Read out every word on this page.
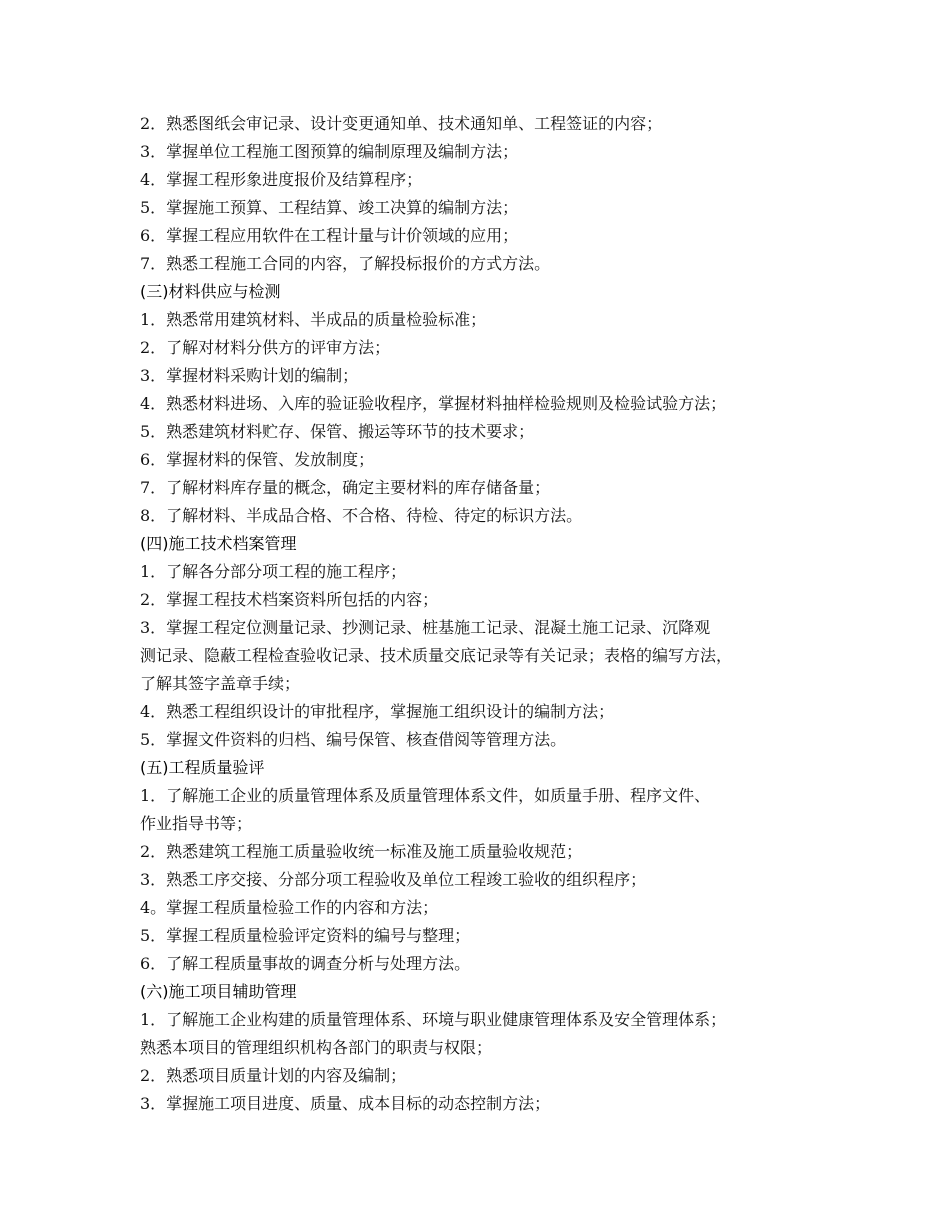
2．熟悉图纸会审记录、设计变更通知单、技术通知单、工程签证的内容；
3．掌握单位工程施工图预算的编制原理及编制方法；
4．掌握工程形象进度报价及结算程序；
5．掌握施工预算、工程结算、竣工决算的编制方法；
6．掌握工程应用软件在工程计量与计价领域的应用；
7．熟悉工程施工合同的内容，了解投标报价的方式方法。
(三)材料供应与检测
1．熟悉常用建筑材料、半成品的质量检验标准；
2．了解对材料分供方的评审方法；
3．掌握材料采购计划的编制；
4．熟悉材料进场、入库的验证验收程序，掌握材料抽样检验规则及检验试验方法；
5．熟悉建筑材料贮存、保管、搬运等环节的技术要求；
6．掌握材料的保管、发放制度；
7．了解材料库存量的概念，确定主要材料的库存储备量；
8．了解材料、半成品合格、不合格、待检、待定的标识方法。
(四)施工技术档案管理
1．了解各分部分项工程的施工程序；
2．掌握工程技术档案资料所包括的内容；
3．掌握工程定位测量记录、抄测记录、桩基施工记录、混凝土施工记录、沉降观
测记录、隐蔽工程检查验收记录、技术质量交底记录等有关记录；表格的编写方法，
了解其签字盖章手续；
4．熟悉工程组织设计的审批程序，掌握施工组织设计的编制方法；
5．掌握文件资料的归档、编号保管、核查借阅等管理方法。
(五)工程质量验评
1．了解施工企业的质量管理体系及质量管理体系文件，如质量手册、程序文件、
作业指导书等；
2．熟悉建筑工程施工质量验收统一标准及施工质量验收规范；
3．熟悉工序交接、分部分项工程验收及单位工程竣工验收的组织程序；
4。掌握工程质量检验工作的内容和方法；
5．掌握工程质量检验评定资料的编号与整理；
6．了解工程质量事故的调查分析与处理方法。
(六)施工项目辅助管理
1．了解施工企业构建的质量管理体系、环境与职业健康管理体系及安全管理体系；
熟悉本项目的管理组织机构各部门的职责与权限；
2．熟悉项目质量计划的内容及编制；
3．掌握施工项目进度、质量、成本目标的动态控制方法；
